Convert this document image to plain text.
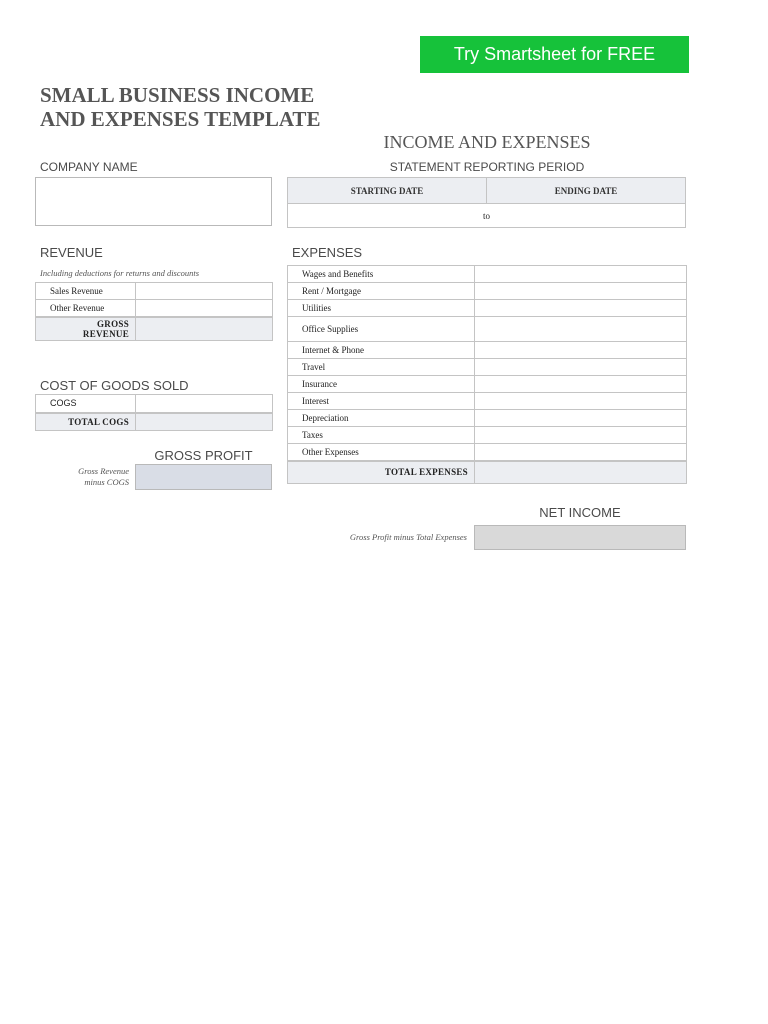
Try Smartsheet for FREE
SMALL BUSINESS INCOME
AND EXPENSES TEMPLATE
INCOME AND EXPENSES
COMPANY NAME	STATEMENT REPORTING PERIOD
STARTING DATE	ENDING DATE
to
REVENUE
Including deductions for returns and discounts
Sales Revenue	
Other Revenue	

GROSS
REVENUE	

COST OF GOODS SOLD
COGS	
TOTAL COGS	
GROSS PROFIT
Gross Revenue
minus COGS
EXPENSES
Wages and Benefits	
Rent / Mortgage	
Utilities	
Office Supplies	
Internet & Phone	
Travel	
Insurance	
Interest	
Depreciation	
Taxes	
Other Expenses	
TOTAL EXPENSES	
NET INCOME
Gross Profit minus Total Expenses
